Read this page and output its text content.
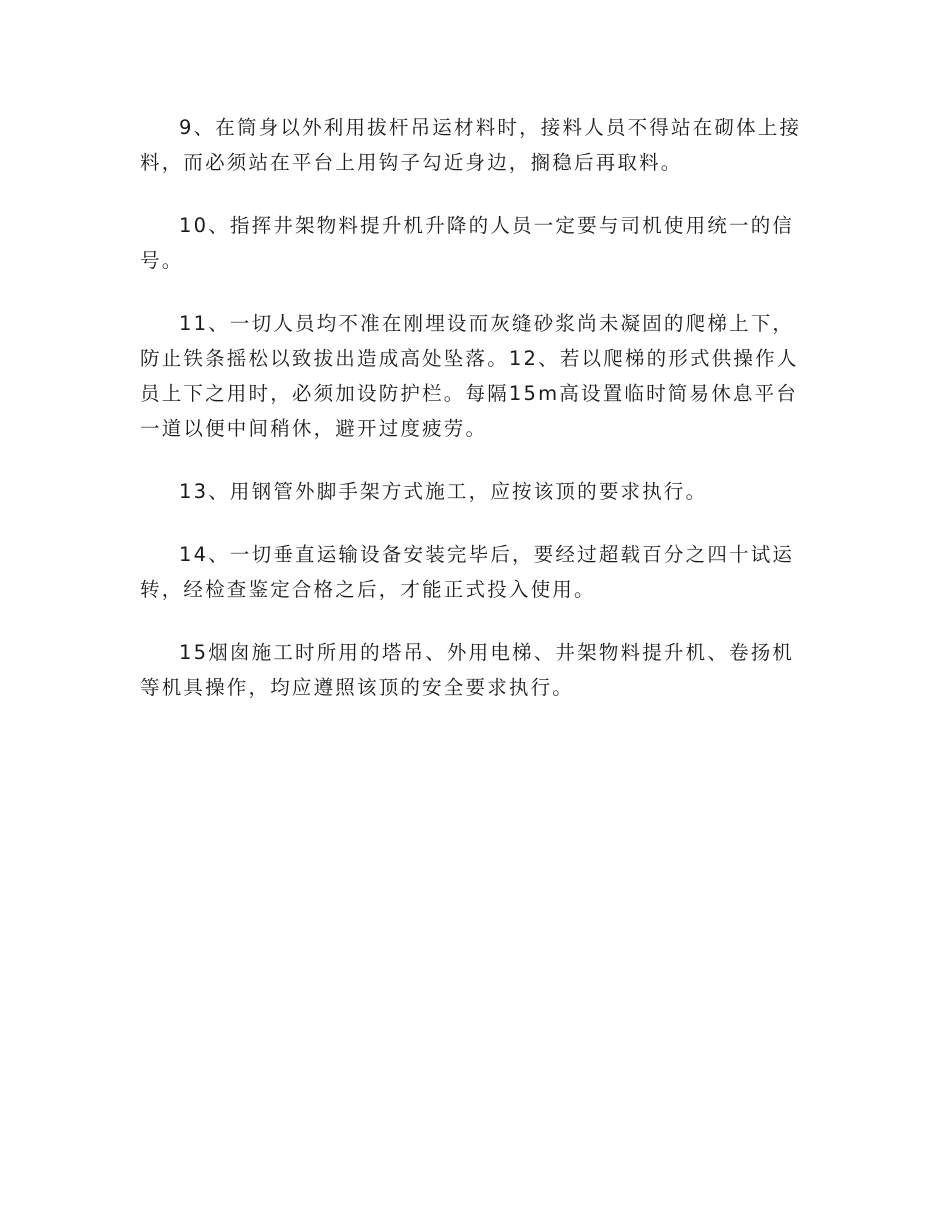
9、在筒身以外利用拔杆吊运材料时，接料人员不得站在砌体上接料，而必须站在平台上用钩子勾近身边，搁稳后再取料。

10、指挥井架物料提升机升降的人员一定要与司机使用统一的信号。

11、一切人员均不准在刚埋设而灰缝砂浆尚未凝固的爬梯上下，防止铁条摇松以致拔出造成高处坠落。12、若以爬梯的形式供操作人员上下之用时，必须加设防护栏。每隔15m高设置临时简易休息平台一道以便中间稍休，避开过度疲劳。

13、用钢管外脚手架方式施工，应按该顶的要求执行。

14、一切垂直运输设备安装完毕后，要经过超载百分之四十试运转，经检查鉴定合格之后，才能正式投入使用。

15烟囱施工时所用的塔吊、外用电梯、井架物料提升机、卷扬机等机具操作，均应遵照该顶的安全要求执行。
